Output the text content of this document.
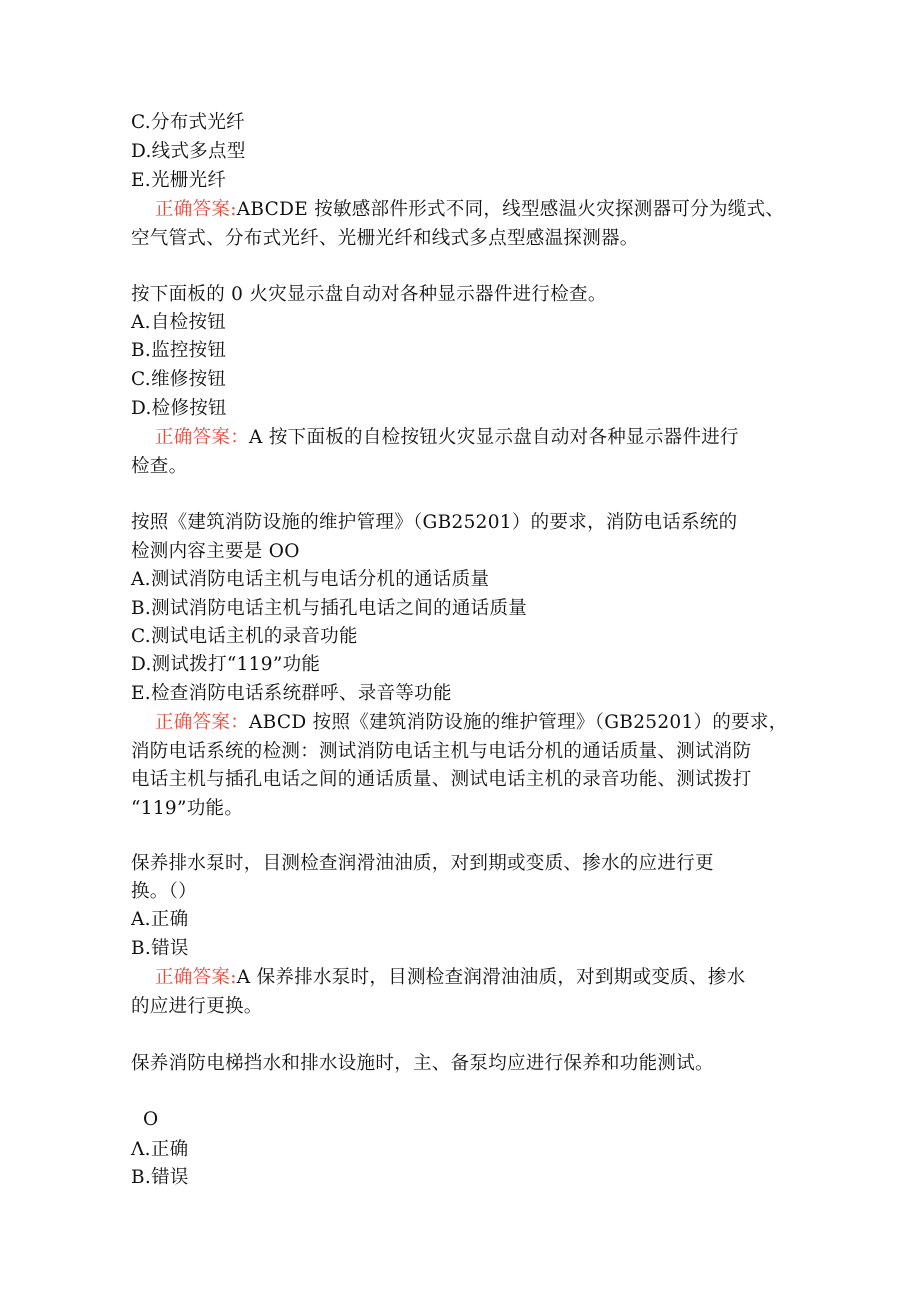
C.分布式光纤
D.线式多点型
E.光栅光纤
正确答案:ABCDE 按敏感部件形式不同，线型感温火灾探测器可分为缆式、
空气管式、分布式光纤、光栅光纤和线式多点型感温探测器。
按下面板的 0 火灾显示盘自动对各种显示器件进行检查。
A.自检按钮
B.监控按钮
C.维修按钮
D.检修按钮
正确答案：A 按下面板的自检按钮火灾显示盘自动对各种显示器件进行
检查。
按照《建筑消防设施的维护管理》（GB25201）的要求，消防电话系统的
检测内容主要是 OO
A.测试消防电话主机与电话分机的通话质量
B.测试消防电话主机与插孔电话之间的通话质量
C.测试电话主机的录音功能
D.测试拨打“119”功能
E.检查消防电话系统群呼、录音等功能
正确答案：ABCD 按照《建筑消防设施的维护管理》（GB25201）的要求，
消防电话系统的检测：测试消防电话主机与电话分机的通话质量、测试消防
电话主机与插孔电话之间的通话质量、测试电话主机的录音功能、测试拨打
“119”功能。
保养排水泵时，目测检查润滑油油质，对到期或变质、掺水的应进行更
换。（）
A.正确
B.错误
正确答案:A 保养排水泵时，目测检查润滑油油质，对到期或变质、掺水
的应进行更换。
保养消防电梯挡水和排水设施时，主、备泵均应进行保养和功能测试。
O
Λ.正确
B.错误
